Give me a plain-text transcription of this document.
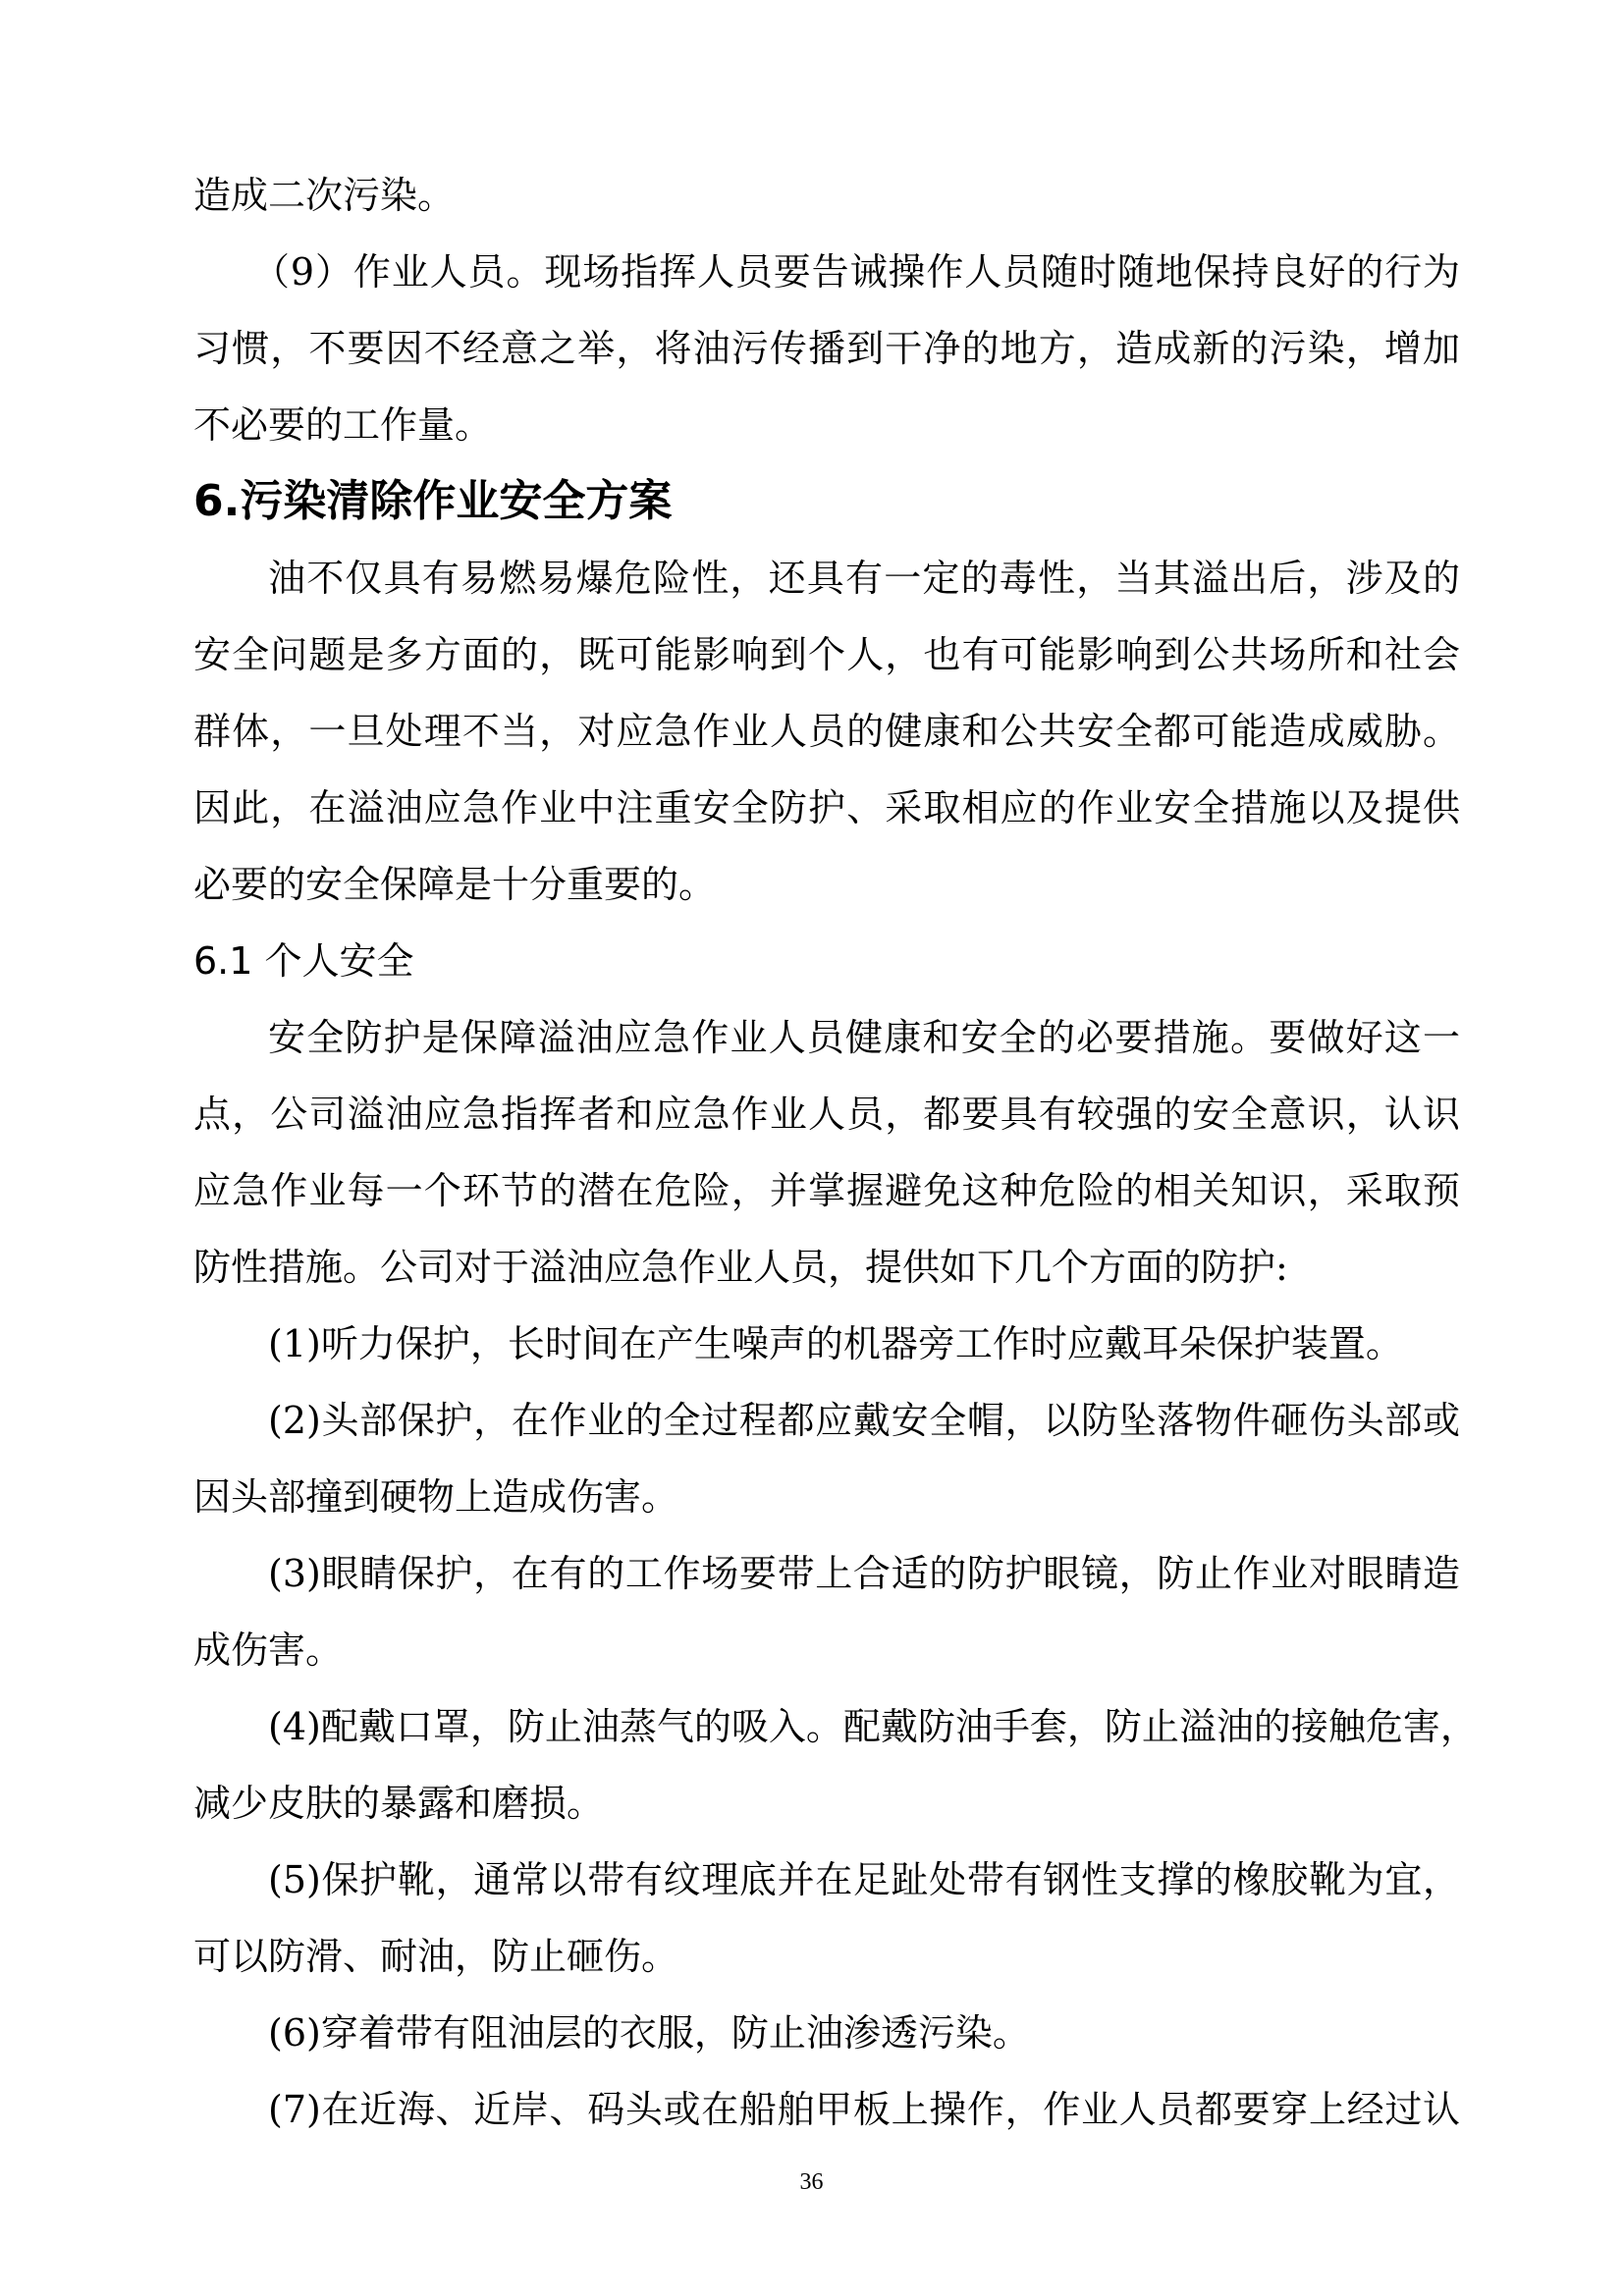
造成二次污染。
（9）作业人员。现场指挥人员要告诫操作人员随时随地保持良好的行为
习惯，不要因不经意之举，将油污传播到干净的地方，造成新的污染，增加
不必要的工作量。
6.污染清除作业安全方案
油不仅具有易燃易爆危险性，还具有一定的毒性，当其溢出后，涉及的
安全问题是多方面的，既可能影响到个人，也有可能影响到公共场所和社会
群体，一旦处理不当，对应急作业人员的健康和公共安全都可能造成威胁。
因此，在溢油应急作业中注重安全防护、采取相应的作业安全措施以及提供
必要的安全保障是十分重要的。
6.1 个人安全
安全防护是保障溢油应急作业人员健康和安全的必要措施。要做好这一
点，公司溢油应急指挥者和应急作业人员，都要具有较强的安全意识，认识
应急作业每一个环节的潜在危险，并掌握避免这种危险的相关知识，采取预
防性措施。公司对于溢油应急作业人员，提供如下几个方面的防护:
(1)听力保护，长时间在产生噪声的机器旁工作时应戴耳朵保护装置。
(2)头部保护，在作业的全过程都应戴安全帽，以防坠落物件砸伤头部或
因头部撞到硬物上造成伤害。
(3)眼睛保护，在有的工作场要带上合适的防护眼镜，防止作业对眼睛造
成伤害。
(4)配戴口罩，防止油蒸气的吸入。配戴防油手套，防止溢油的接触危害，
减少皮肤的暴露和磨损。
(5)保护靴，通常以带有纹理底并在足趾处带有钢性支撑的橡胶靴为宜，
可以防滑、耐油，防止砸伤。
(6)穿着带有阻油层的衣服，防止油渗透污染。
(7)在近海、近岸、码头或在船舶甲板上操作，作业人员都要穿上经过认
36
